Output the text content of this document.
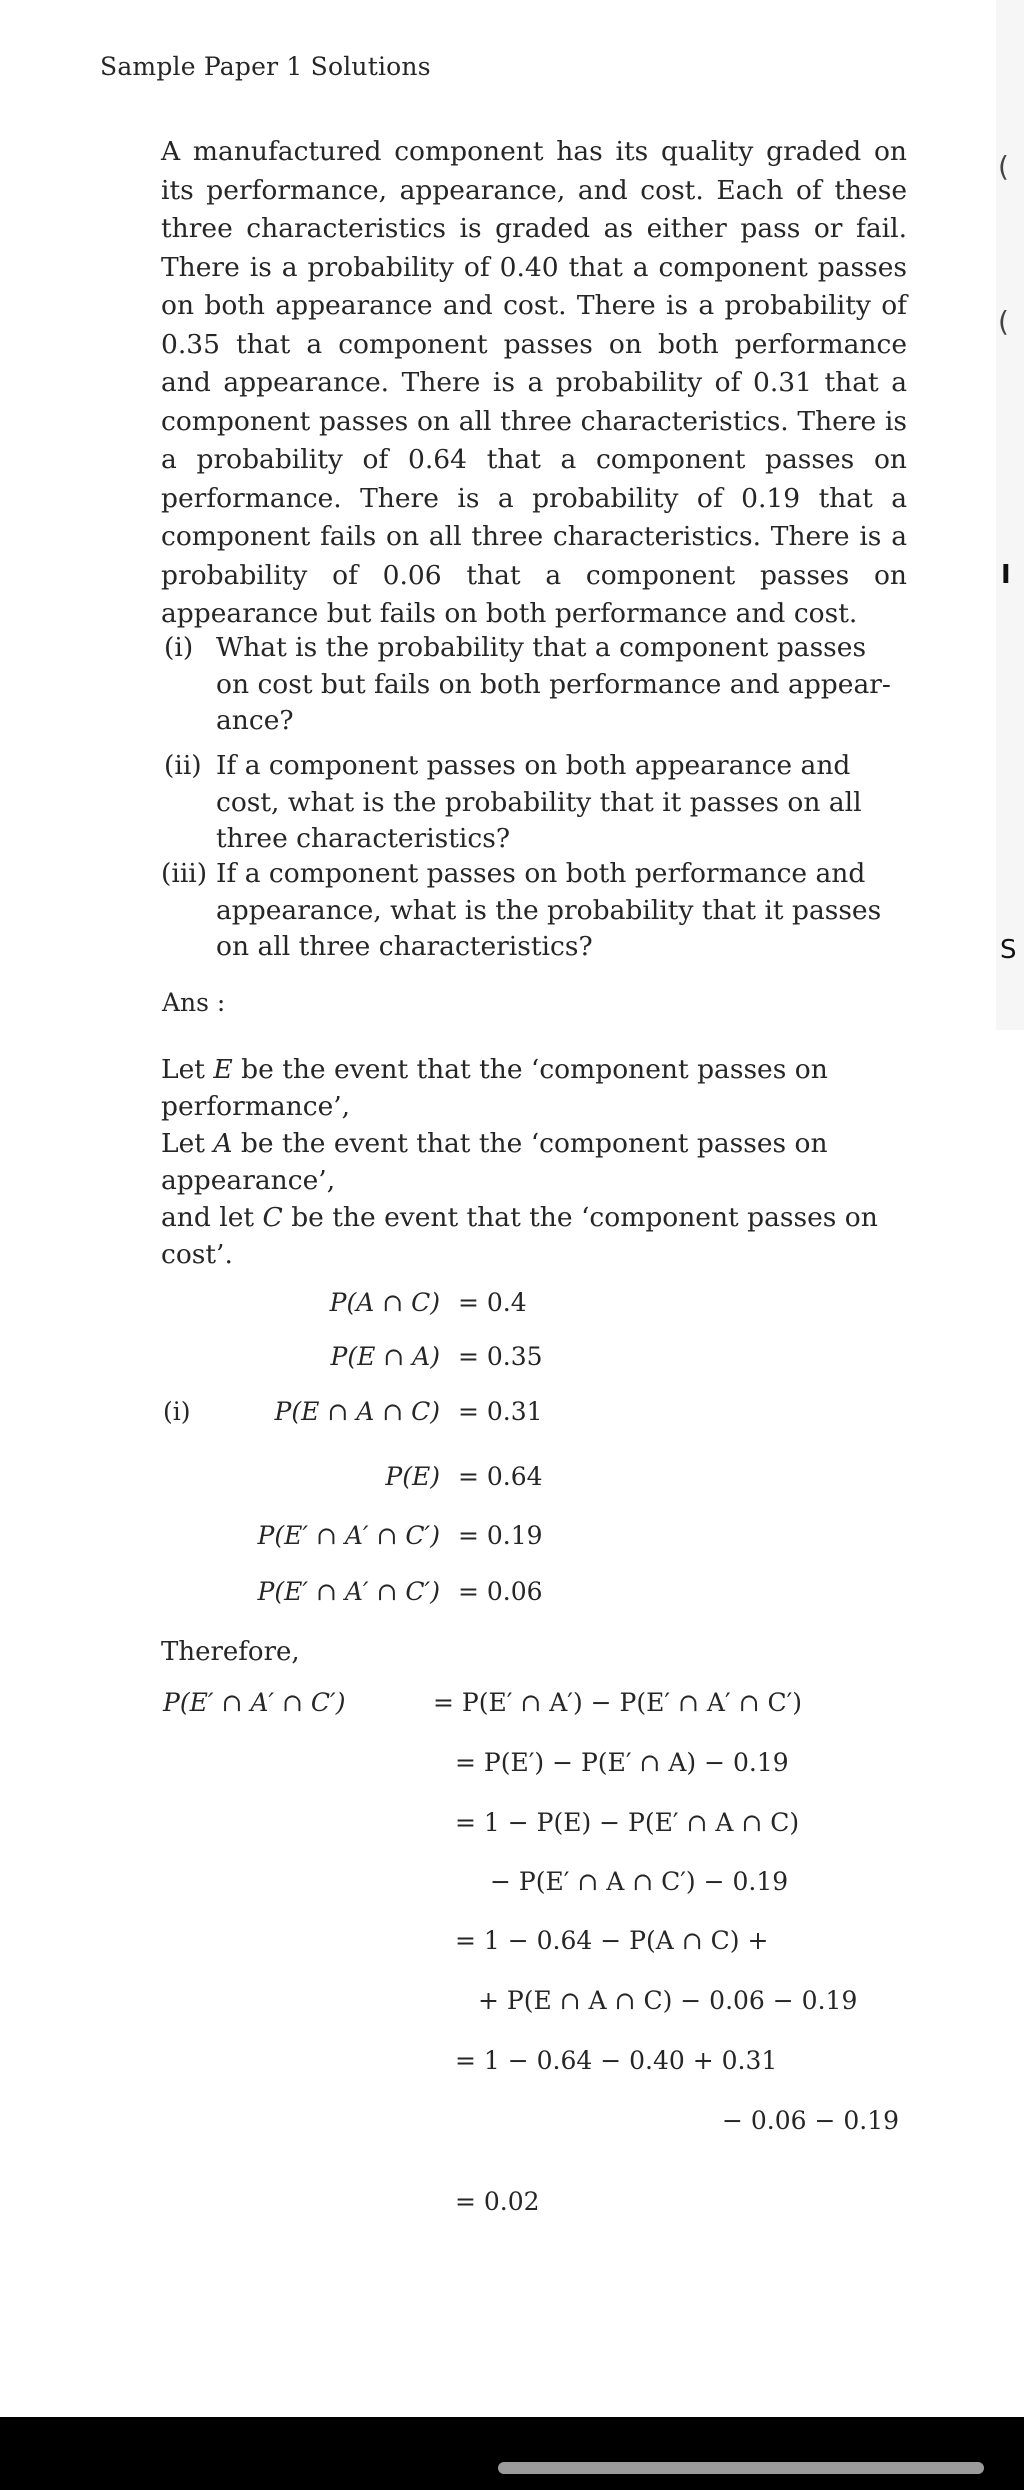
(
(
I
S
Sample Paper 1 Solutions
A manufactured component has its quality graded on its performance, appearance, and cost. Each of these three characteristics is graded as either pass or fail. There is a probability of 0.40 that a component passes on both appearance and cost. There is a probability of 0.35 that a component passes on both performance and appearance. There is a probability of 0.31 that a component passes on all three characteristics. There is a probability of 0.64 that a component passes on performance. There is a probability of 0.19 that a component fails on all three characteristics. There is a probability of 0.06 that a component passes on appearance but fails on both performance and cost.
(i) What is the probability that a component passes
on cost but fails on both performance and appear-
ance?
(ii) If a component passes on both appearance and
cost, what is the probability that it passes on all
three characteristics?
(iii) If a component passes on both performance and
appearance, what is the probability that it passes
on all three characteristics?
Ans :
Let E be the event that the ‘component passes on
performance’,
Let A be the event that the ‘component passes on
appearance’,
and let C be the event that the ‘component passes on
cost’.
P(A ∩ C) = 0.4
P(E ∩ A) = 0.35
(i)	P(E ∩ A ∩ C) = 0.31
P(E) = 0.64
P(E′ ∩ A′ ∩ C′) = 0.19
P(E′ ∩ A′ ∩ C′) = 0.06
Therefore,
P(E′ ∩ A′ ∩ C′)	= P(E′ ∩ A′) − P(E′ ∩ A′ ∩ C′)
= P(E′) − P(E′ ∩ A) − 0.19
= 1 − P(E) − P(E′ ∩ A ∩ C)
− P(E′ ∩ A ∩ C′) − 0.19
= 1 − 0.64 − P(A ∩ C) +
+ P(E ∩ A ∩ C) − 0.06 − 0.19
= 1 − 0.64 − 0.40 + 0.31
− 0.06 − 0.19
= 0.02
